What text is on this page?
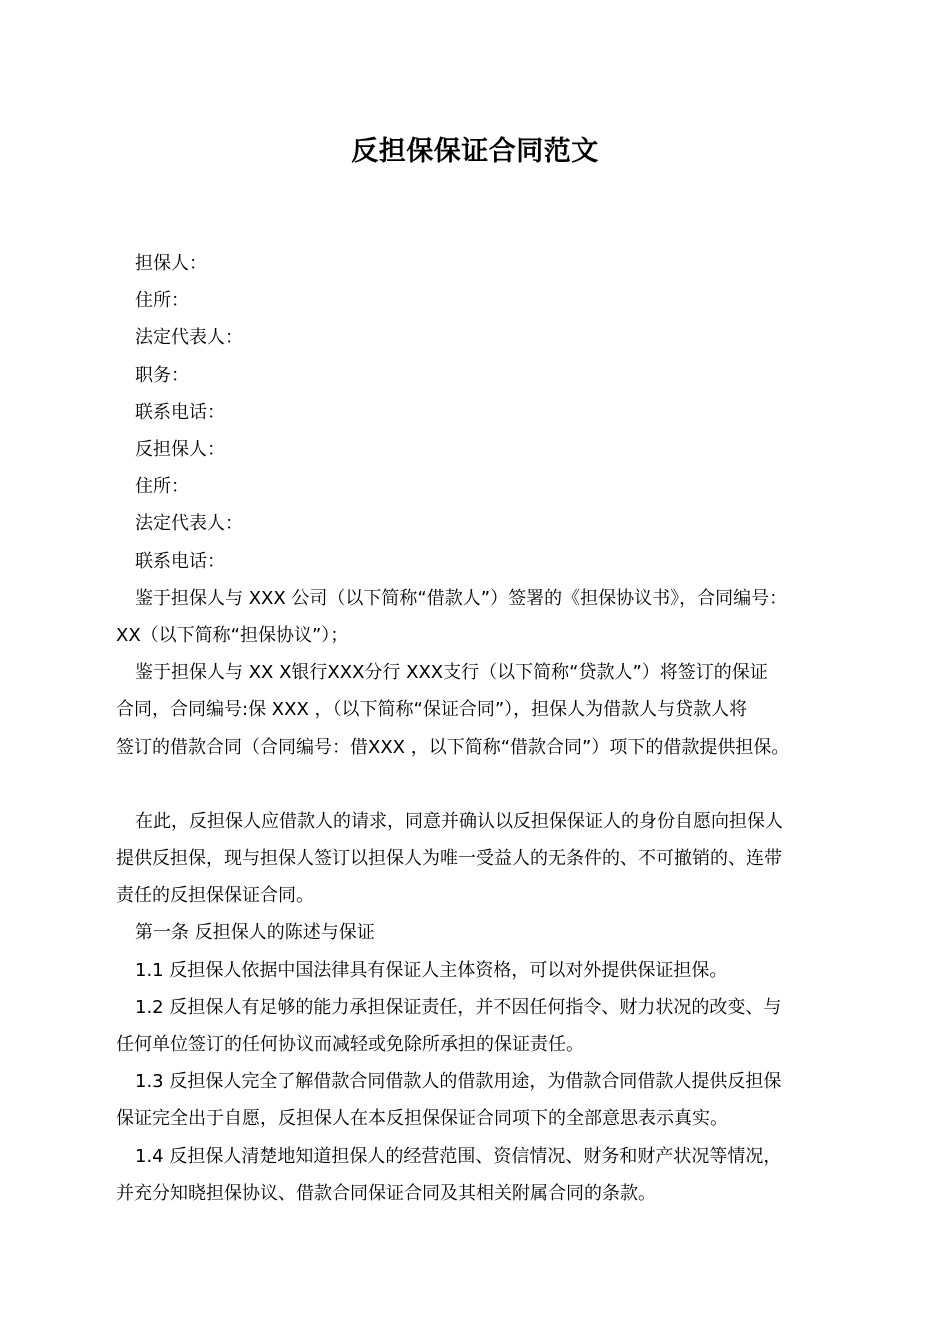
反担保保证合同范文

担保人：

住所：

法定代表人：

职务：

联系电话：

反担保人：

住所：

法定代表人：

联系电话：

鉴于担保人与 XXX 公司（以下简称“借款人”）签署的《担保协议书》，合同编号：

XX（以下简称“担保协议”）；

鉴于担保人与 XX X银行XXX分行 XXX支行（以下简称“贷款人”）将签订的保证

合同，合同编号:保 XXX ，（以下简称“保证合同”），担保人为借款人与贷款人将

签订的借款合同（合同编号：借XXX ，以下简称“借款合同”）项下的借款提供担保。

在此，反担保人应借款人的请求，同意并确认以反担保保证人的身份自愿向担保人

提供反担保，现与担保人签订以担保人为唯一受益人的无条件的、不可撤销的、连带

责任的反担保保证合同。

第一条 反担保人的陈述与保证

1.1 反担保人依据中国法律具有保证人主体资格，可以对外提供保证担保。

1.2 反担保人有足够的能力承担保证责任，并不因任何指令、财力状况的改变、与

任何单位签订的任何协议而减轻或免除所承担的保证责任。

1.3 反担保人完全了解借款合同借款人的借款用途，为借款合同借款人提供反担保

保证完全出于自愿，反担保人在本反担保保证合同项下的全部意思表示真实。

1.4 反担保人清楚地知道担保人的经营范围、资信情况、财务和财产状况等情况，

并充分知晓担保协议、借款合同保证合同及其相关附属合同的条款。
